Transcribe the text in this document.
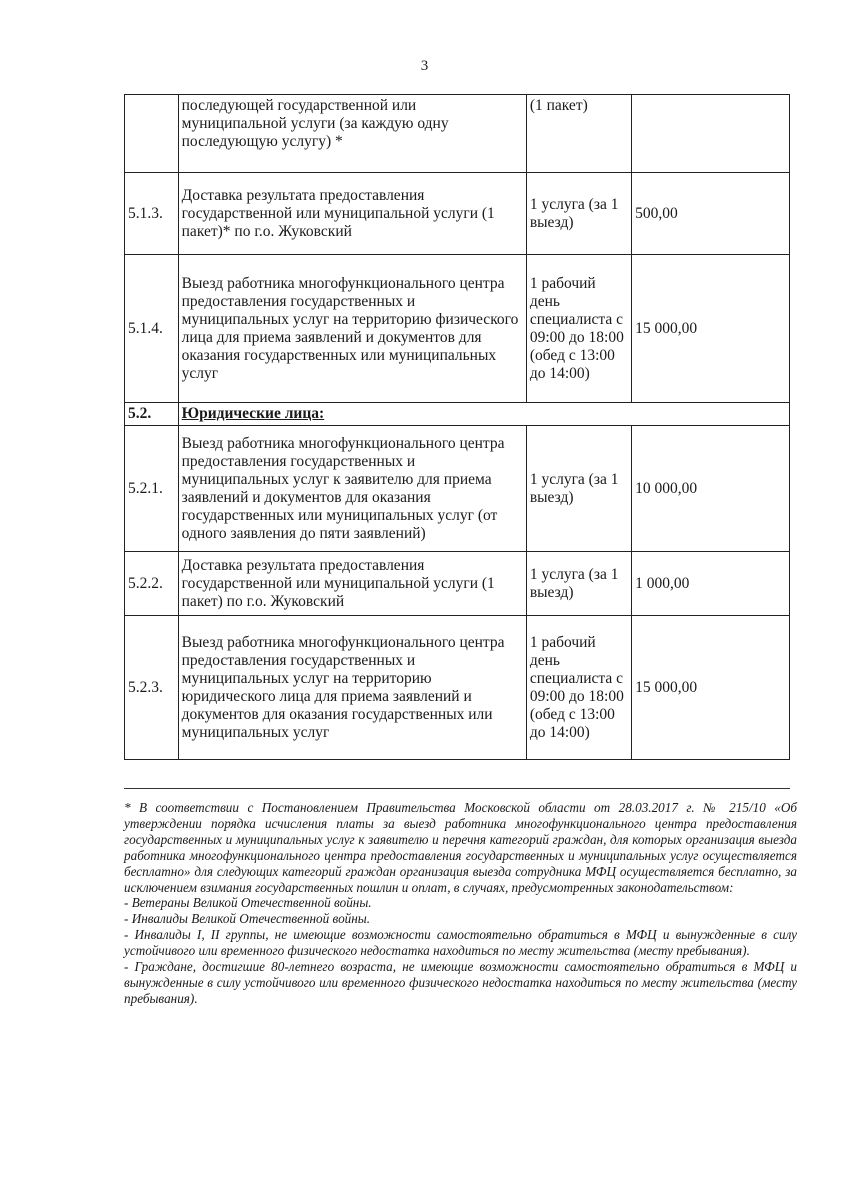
3
	последующей государственной или муниципальной услуги (за каждую одну последующую услугу) *	(1 пакет)	
5.1.3.	Доставка результата предоставления государственной или муниципальной услуги (1 пакет)* по г.о. Жуковский	1 услуга (за 1 выезд)	500,00
5.1.4.	Выезд работника многофункционального центра предоставления государственных и муниципальных услуг на территорию физического лица для приема заявлений и документов для оказания государственных или муниципальных услуг	1 рабочий день специалиста с 09:00 до 18:00 (обед с 13:00 до 14:00)	15 000,00
5.2.	Юридические лица:		
5.2.1.	Выезд работника многофункционального центра предоставления государственных и муниципальных услуг к заявителю для приема заявлений и документов для оказания государственных или муниципальных услуг (от одного заявления до пяти заявлений)	1 услуга (за 1 выезд)	10 000,00
5.2.2.	Доставка результата предоставления государственной или муниципальной услуги (1 пакет) по г.о. Жуковский	1 услуга (за 1 выезд)	1 000,00
5.2.3.	Выезд работника многофункционального центра предоставления государственных и муниципальных услуг на территорию юридического лица для приема заявлений и документов для оказания государственных или муниципальных услуг	1 рабочий день специалиста с 09:00 до 18:00 (обед с 13:00 до 14:00)	15 000,00

* В соответствии с Постановлением Правительства Московской области от 28.03.2017 г. № 215/10 «Об утверждении порядка исчисления платы за выезд работника многофункционального центра предоставления государственных и муниципальных услуг к заявителю и перечня категорий граждан, для которых организация выезда работника многофункционального центра предоставления государственных и муниципальных услуг осуществляется бесплатно» для следующих категорий граждан организация выезда сотрудника МФЦ осуществляется бесплатно, за исключением взимания государственных пошлин и оплат, в случаях, предусмотренных законодательством:

- Ветераны Великой Отечественной войны.

- Инвалиды Великой Отечественной войны.

- Инвалиды I, II группы, не имеющие возможности самостоятельно обратиться в МФЦ и вынужденные в силу устойчивого или временного физического недостатка находиться по месту жительства (месту пребывания).

- Граждане, достигшие 80-летнего возраста, не имеющие возможности самостоятельно обратиться в МФЦ и вынужденные в силу устойчивого или временного физического недостатка находиться по месту жительства (месту пребывания).
